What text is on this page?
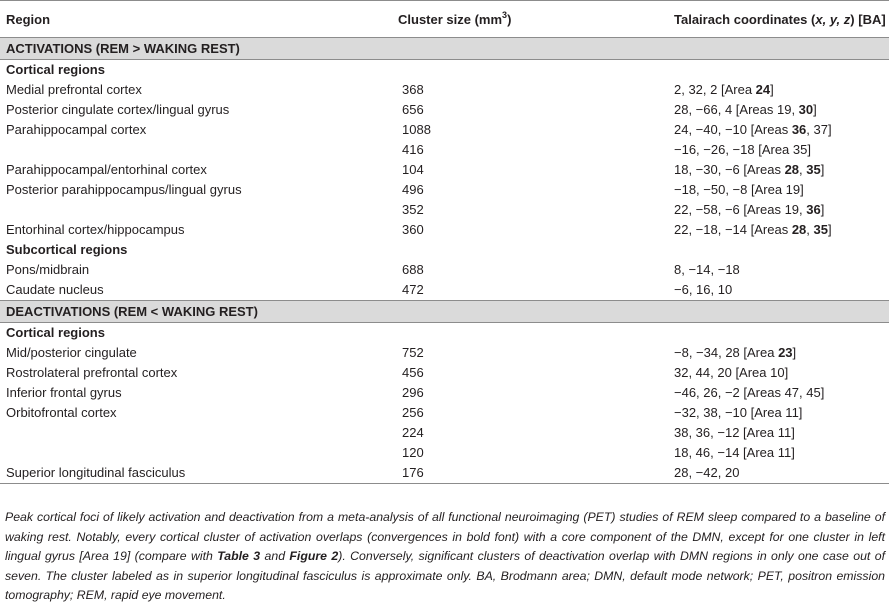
Region	Cluster size $(mm^3)$	Talairach coordinates (x, y, z) [BA]
ACTIVATIONS (REM > WAKING REST)		
Cortical regions		
Medial prefrontal cortex	368	2, 32, 2 [Area 24]
Posterior cingulate cortex/lingual gyrus	656	28, −66, 4 [Areas 19, 30]
Parahippocampal cortex	1088	24, −40, −10 [Areas 36, 37]
	416	−16, −26, −18 [Area 35]
Parahippocampal/entorhinal cortex	104	18, −30, −6 [Areas 28, 35]
Posterior parahippocampus/lingual gyrus	496	−18, −50, −8 [Area 19]
	352	22, −58, −6 [Areas 19, 36]
Entorhinal cortex/hippocampus	360	22, −18, −14 [Areas 28, 35]
Subcortical regions		
Pons/midbrain	688	8, −14, −18
Caudate nucleus	472	−6, 16, 10
DEACTIVATIONS (REM < WAKING REST)		
Cortical regions		
Mid/posterior cingulate	752	−8, −34, 28 [Area 23]
Rostrolateral prefrontal cortex	456	32, 44, 20 [Area 10]
Inferior frontal gyrus	296	−46, 26, −2 [Areas 47, 45]
Orbitofrontal cortex	256	−32, 38, −10 [Area 11]
	224	38, 36, −12 [Area 11]
	120	18, 46, −14 [Area 11]
Superior longitudinal fasciculus	176	28, −42, 20

Peak cortical foci of likely activation and deactivation from a meta-analysis of all functional neuroimaging (PET) studies of REM sleep compared to a baseline of waking rest. Notably, every cortical cluster of activation overlaps (convergences in bold font) with a core component of the DMN, except for one cluster in left lingual gyrus [Area 19] (compare with Table 3 and Figure 2). Conversely, significant clusters of deactivation overlap with DMN regions in only one case out of seven. The cluster labeled as in superior longitudinal fasciculus is approximate only. BA, Brodmann area; DMN, default mode network; PET, positron emission tomography; REM, rapid eye movement.
